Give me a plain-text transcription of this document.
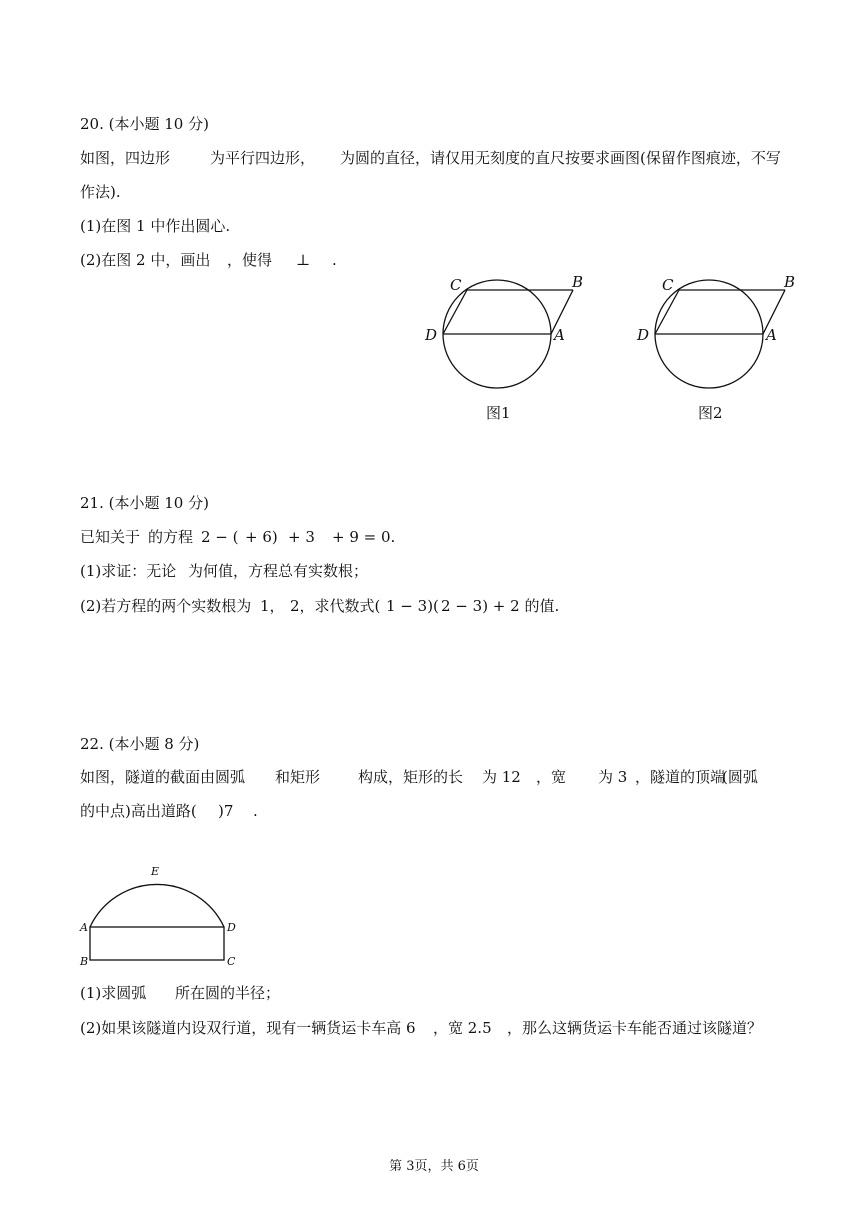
20. (本小题 10 分)
如图，四边形	为平行四边形， 为圆的直径，请仅用无刻度的直尺按要求画图(保留作图痕迹，不写
作法).
(1)在图 1 中作出圆心.
(2)在图 2 中，画出 ，使得 ⊥ .
C	B
D	A
图1
C	B
D	A
图2
21. (本小题 10 分)
已知关于 的方程 2 − ( + 6) + 3 + 9 = 0.
(1)求证：无论 为何值，方程总有实数根；
(2)若方程的两个实数根为 1， 2，求代数式( 1 − 3)( 2 − 3) + 2 的值.
22. (本小题 8 分)
如图，隧道的截面由圆弧 和矩形	构成，矩形的长 为 12 ，宽 为 3 ，隧道的顶端
(圆弧
的中点)高出道路( )7 .
E
A	D
B	C
(1)求圆弧 所在圆的半径；
(2)如果该隧道内设双行道，现有一辆货运卡车高 6 ，宽 2.5 ，那么这辆货运卡车能否通过该隧道？
第 3页，共 6页
